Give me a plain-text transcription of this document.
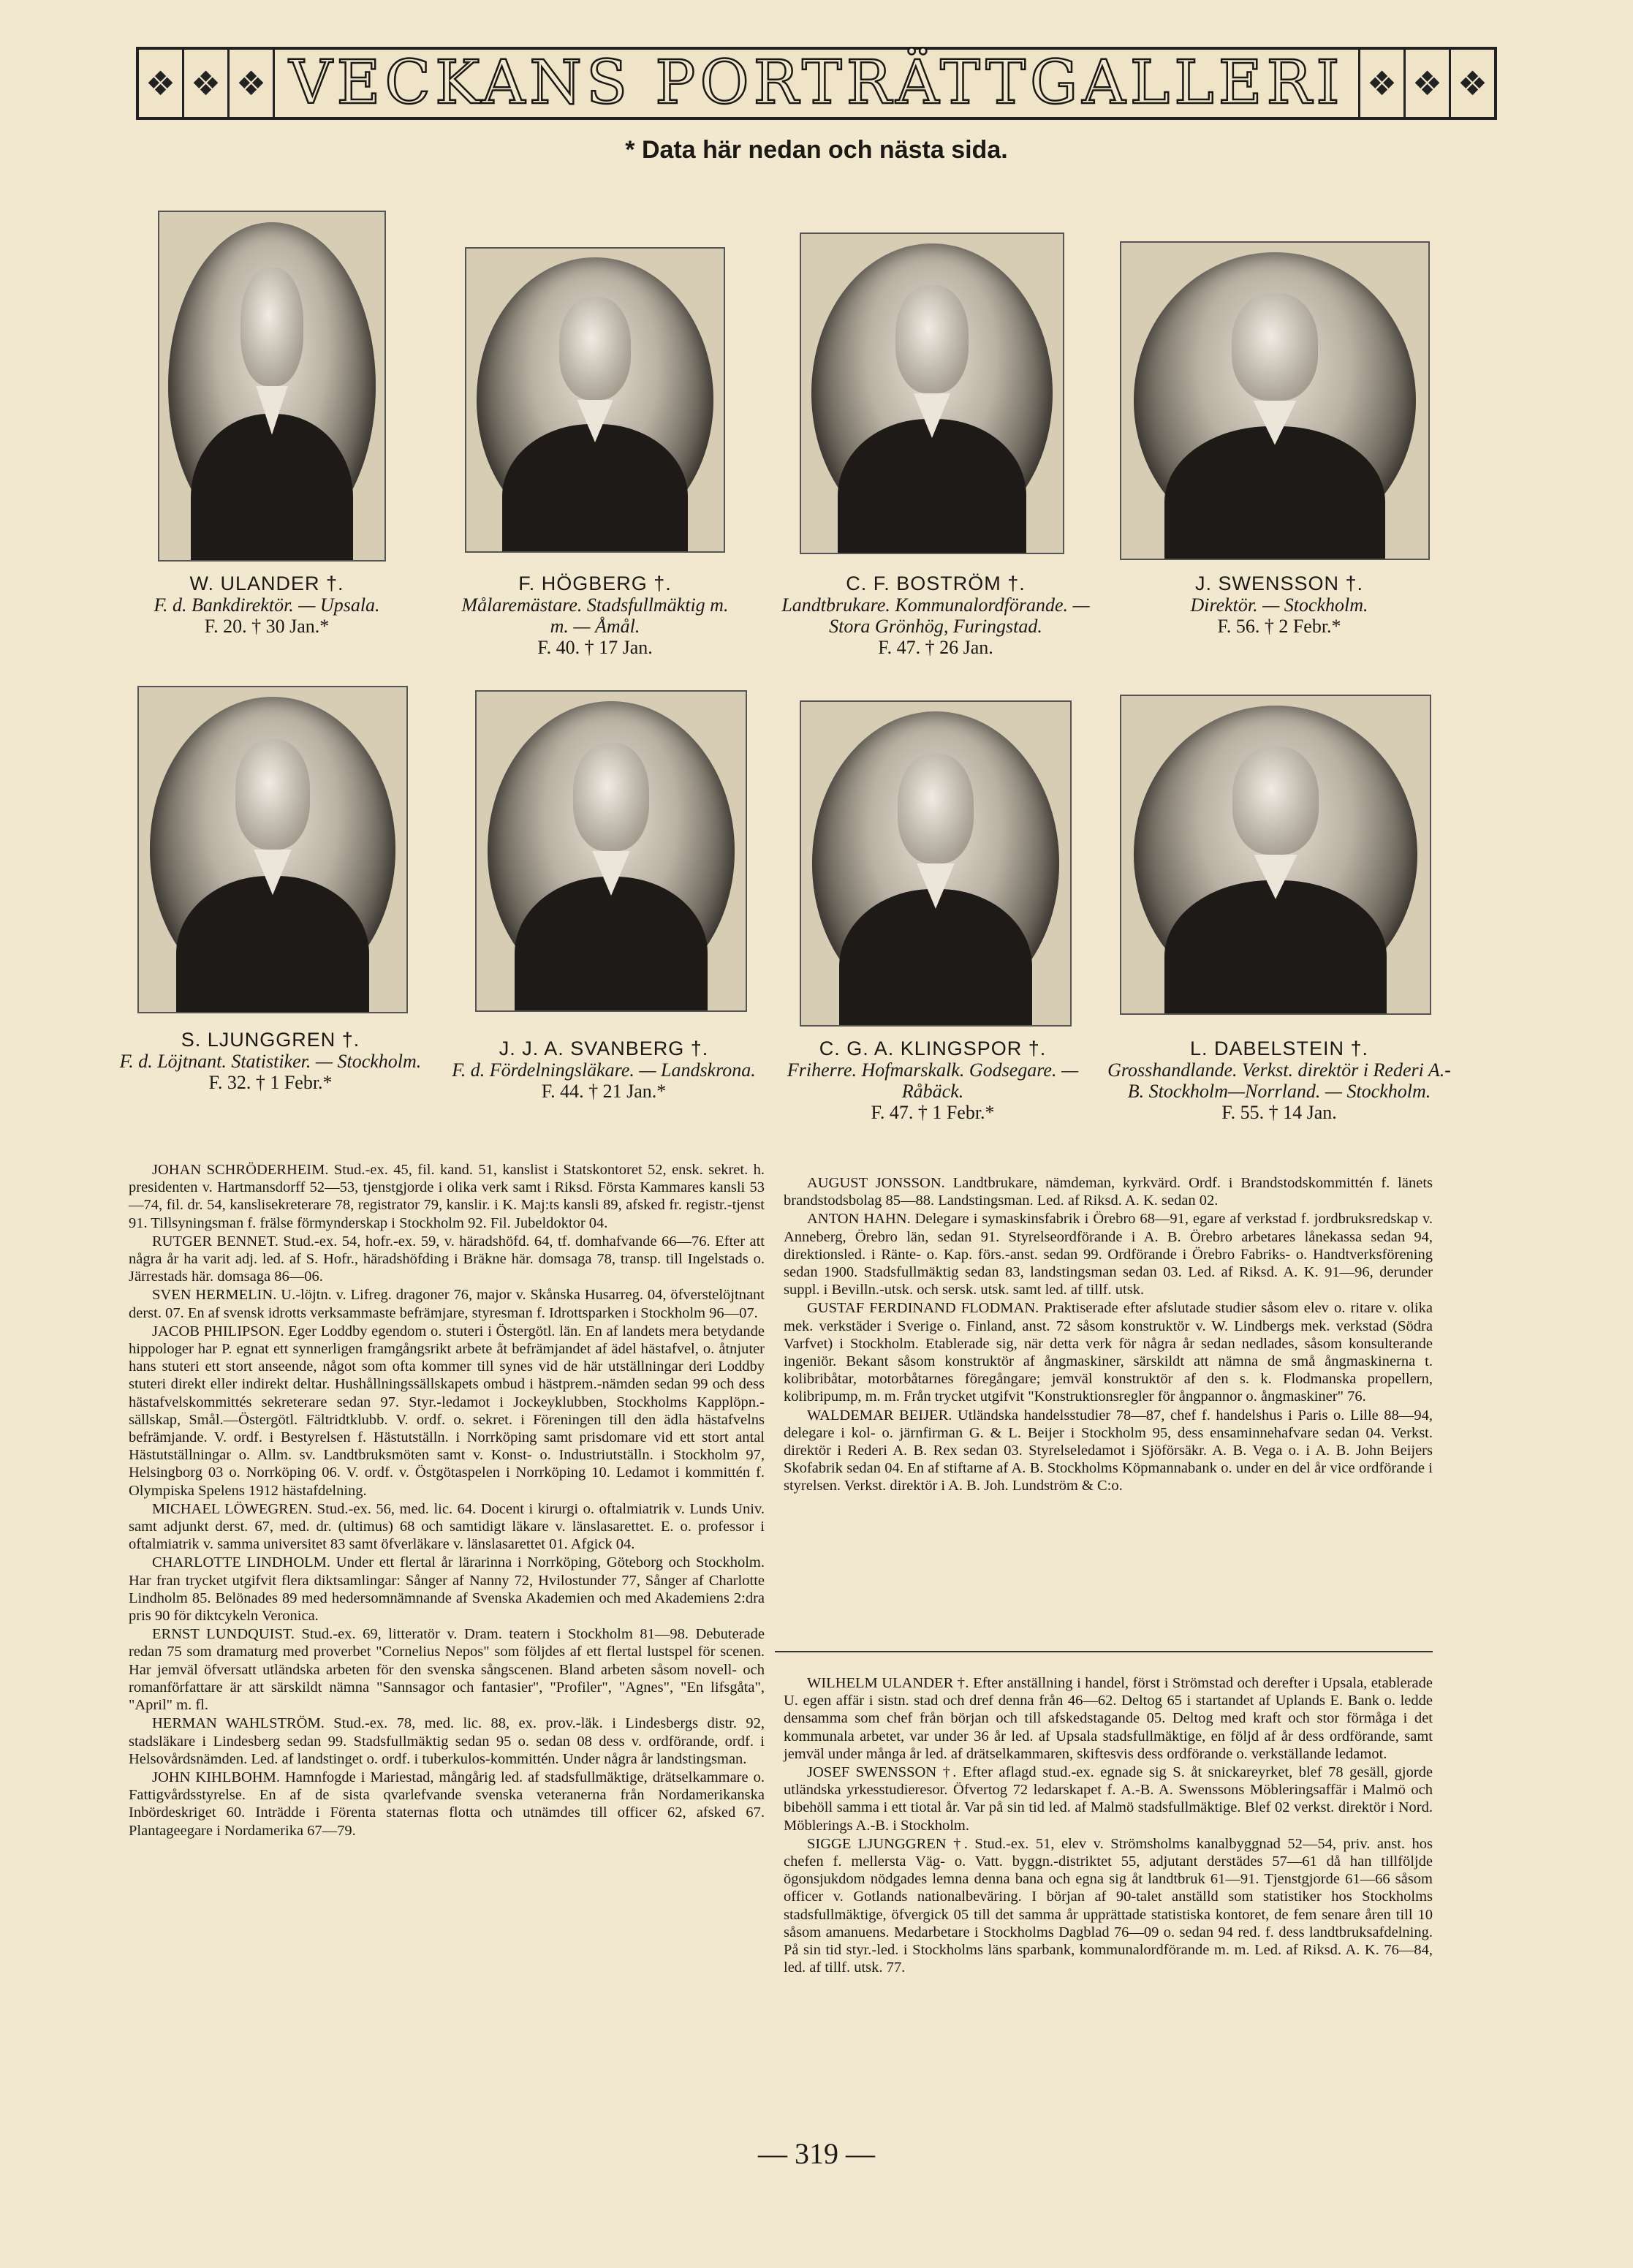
❖ ❖ ❖ VECKANS PORTRÄTTGALLERI ❖ ❖ ❖
* Data här nedan och nästa sida.
W. ULANDER †.
F. d. Bankdirektör. — Upsala.
F. 20. † 30 Jan.*
F. HÖGBERG †.
Målaremästare. Stadsfullmäktig m. m. — Åmål.
F. 40. † 17 Jan.
C. F. BOSTRÖM †.
Landtbrukare. Kommunalordförande. — Stora Grönhög, Furingstad.
F. 47. † 26 Jan.
J. SWENSSON †.
Direktör. — Stockholm.
F. 56. † 2 Febr.*
S. LJUNGGREN †.
F. d. Löjtnant. Statistiker. — Stockholm.
F. 32. † 1 Febr.*
J. J. A. SVANBERG †.
F. d. Fördelningsläkare. — Landskrona.
F. 44. † 21 Jan.*
C. G. A. KLINGSPOR †.
Friherre. Hofmarskalk. Godsegare. — Råbäck.
F. 47. † 1 Febr.*
L. DABELSTEIN †.
Grosshandlande. Verkst. direktör i Rederi A.-B. Stockholm—Norrland. — Stockholm.
F. 55. † 14 Jan.

JOHAN SCHRÖDERHEIM. Stud.-ex. 45, fil. kand. 51, kanslist i Statskontoret 52, ensk. sekret. h. presidenten v. Hartmansdorff 52—53, tjenstgjorde i olika verk samt i Riksd. Första Kammares kansli 53—74, fil. dr. 54, kanslisekreterare 78, registrator 79, kanslir. i K. Maj:ts kansli 89, afsked fr. registr.-tjenst 91. Tillsyningsman f. frälse förmynderskap i Stockholm 92. Fil. Jubeldoktor 04.

RUTGER BENNET. Stud.-ex. 54, hofr.-ex. 59, v. häradshöfd. 64, tf. domhafvande 66—76. Efter att några år ha varit adj. led. af S. Hofr., häradshöfding i Bräkne här. domsaga 78, transp. till Ingelstads o. Järrestads här. domsaga 86—06.

SVEN HERMELIN. U.-löjtn. v. Lifreg. dragoner 76, major v. Skånska Husarreg. 04, öfverstelöjtnant derst. 07. En af svensk idrotts verksammaste befrämjare, styresman f. Idrottsparken i Stockholm 96—07.

JACOB PHILIPSON. Eger Loddby egendom o. stuteri i Östergötl. län. En af landets mera betydande hippologer har P. egnat ett synnerligen framgångsrikt arbete åt befrämjandet af ädel hästafvel, o. åtnjuter hans stuteri ett stort anseende, något som ofta kommer till synes vid de här utställningar deri Loddby stuteri direkt eller indirekt deltar. Hushållningssällskapets ombud i hästprem.-nämden sedan 99 och dess hästafvelskommittés sekreterare sedan 97. Styr.-ledamot i Jockeyklubben, Stockholms Kapplöpn.-sällskap, Smål.—Östergötl. Fältridtklubb. V. ordf. o. sekret. i Föreningen till den ädla hästafvelns befrämjande. V. ordf. i Bestyrelsen f. Hästutställn. i Norrköping samt prisdomare vid ett stort antal Hästutställningar o. Allm. sv. Landtbruksmöten samt v. Konst- o. Industriutställn. i Stockholm 97, Helsingborg 03 o. Norrköping 06. V. ordf. v. Östgötaspelen i Norrköping 10. Ledamot i kommittén f. Olympiska Spelens 1912 hästafdelning.

MICHAEL LÖWEGREN. Stud.-ex. 56, med. lic. 64. Docent i kirurgi o. oftalmiatrik v. Lunds Univ. samt adjunkt derst. 67, med. dr. (ultimus) 68 och samtidigt läkare v. länslasarettet. E. o. professor i oftalmiatrik v. samma universitet 83 samt öfverläkare v. länslasarettet 01. Afgick 04.

CHARLOTTE LINDHOLM. Under ett flertal år lärarinna i Norrköping, Göteborg och Stockholm. Har fran trycket utgifvit flera diktsamlingar: Sånger af Nanny 72, Hvilostunder 77, Sånger af Charlotte Lindholm 85. Belönades 89 med hedersomnämnande af Svenska Akademien och med Akademiens 2:dra pris 90 för diktcykeln Veronica.

ERNST LUNDQUIST. Stud.-ex. 69, litteratör v. Dram. teatern i Stockholm 81—98. Debuterade redan 75 som dramaturg med proverbet "Cornelius Nepos" som följdes af ett flertal lustspel för scenen. Har jemväl öfversatt utländska arbeten för den svenska sångscenen. Bland arbeten såsom novell- och romanförfattare är att särskildt nämna "Sannsagor och fantasier", "Profiler", "Agnes", "En lifsgåta", "April" m. fl.

HERMAN WAHLSTRÖM. Stud.-ex. 78, med. lic. 88, ex. prov.-läk. i Lindesbergs distr. 92, stadsläkare i Lindesberg sedan 99. Stadsfullmäktig sedan 95 o. sedan 08 dess v. ordförande, ordf. i Helsovårdsnämden. Led. af landstinget o. ordf. i tuberkulos-kommittén. Under några år landstingsman.

JOHN KIHLBOHM. Hamnfogde i Mariestad, mångårig led. af stadsfullmäktige, drätselkammare o. Fattigvårdsstyrelse. En af de sista qvarlefvande svenska veteranerna från Nordamerikanska Inbördeskriget 60. Inträdde i Förenta staternas flotta och utnämdes till officer 62, afsked 67. Plantageegare i Nordamerika 67—79.

AUGUST JONSSON. Landtbrukare, nämdeman, kyrkvärd. Ordf. i Brandstodskommittén f. länets brandstodsbolag 85—88. Landstingsman. Led. af Riksd. A. K. sedan 02.

ANTON HAHN. Delegare i symaskinsfabrik i Örebro 68—91, egare af verkstad f. jordbruksredskap v. Anneberg, Örebro län, sedan 91. Styrelseordförande i A. B. Örebro arbetares lånekassa sedan 94, direktionsled. i Ränte- o. Kap. förs.-anst. sedan 99. Ordförande i Örebro Fabriks- o. Handtverksförening sedan 1900. Stadsfullmäktig sedan 83, landstingsman sedan 03. Led. af Riksd. A. K. 91—96, derunder suppl. i Bevilln.-utsk. och sersk. utsk. samt led. af tillf. utsk.

GUSTAF FERDINAND FLODMAN. Praktiserade efter afslutade studier såsom elev o. ritare v. olika mek. verkstäder i Sverige o. Finland, anst. 72 såsom konstruktör v. W. Lindbergs mek. verkstad (Södra Varfvet) i Stockholm. Etablerade sig, när detta verk för några år sedan nedlades, såsom konsulterande ingeniör. Bekant såsom konstruktör af ångmaskiner, särskildt att nämna de små ångmaskinerna t. kolibribåtar, motorbåtarnes föregångare; jemväl konstruktör af den s. k. Flodmanska propellern, kolibripump, m. m. Från trycket utgifvit "Konstruktionsregler för ångpannor o. ångmaskiner" 76.

WALDEMAR BEIJER. Utländska handelsstudier 78—87, chef f. handelshus i Paris o. Lille 88—94, delegare i kol- o. järnfirman G. & L. Beijer i Stockholm 95, dess ensaminnehafvare sedan 04. Verkst. direktör i Rederi A. B. Rex sedan 03. Styrelseledamot i Sjöförsäkr. A. B. Vega o. i A. B. John Beijers Skofabrik sedan 04. En af stiftarne af A. B. Stockholms Köpmannabank o. under en del år vice ordförande i styrelsen. Verkst. direktör i A. B. Joh. Lundström & C:o.

WILHELM ULANDER †. Efter anställning i handel, först i Strömstad och derefter i Upsala, etablerade U. egen affär i sistn. stad och dref denna från 46—62. Deltog 65 i startandet af Uplands E. Bank o. ledde densamma som chef från början och till afskedstagande 05. Deltog med kraft och stor förmåga i det kommunala arbetet, var under 36 år led. af Upsala stadsfullmäktige, en följd af år dess ordförande, samt jemväl under många år led. af drätselkammaren, skiftesvis dess ordförande o. verkställande ledamot.

JOSEF SWENSSON †. Efter aflagd stud.-ex. egnade sig S. åt snickareyrket, blef 78 gesäll, gjorde utländska yrkesstudieresor. Öfvertog 72 ledarskapet f. A.-B. A. Swenssons Möbleringsaffär i Malmö och bibehöll samma i ett tiotal år. Var på sin tid led. af Malmö stadsfullmäktige. Blef 02 verkst. direktör i Nord. Möblerings A.-B. i Stockholm.

SIGGE LJUNGGREN †. Stud.-ex. 51, elev v. Strömsholms kanalbyggnad 52—54, priv. anst. hos chefen f. mellersta Väg- o. Vatt. byggn.-distriktet 55, adjutant derstädes 57—61 då han tillföljde ögonsjukdom nödgades lemna denna bana och egna sig åt landtbruk 61—91. Tjenstgjorde 61—66 såsom officer v. Gotlands nationalbeväring. I början af 90-talet anställd som statistiker hos Stockholms stadsfullmäktige, öfvergick 05 till det samma år upprättade statistiska kontoret, de fem senare åren till 10 såsom amanuens. Medarbetare i Stockholms Dagblad 76—09 o. sedan 94 red. f. dess landtbruksafdelning. På sin tid styr.-led. i Stockholms läns sparbank, kommunalordförande m. m. Led. af Riksd. A. K. 76—84, led. af tillf. utsk. 77.

— 319 —
